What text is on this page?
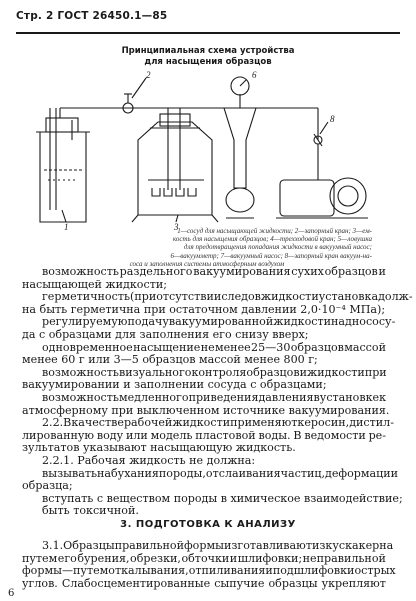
Стр. 2 ГОСТ 26450.1—85
Принципиальная схема устройства
для насыщения образцов
1
2
3
6
8
1—сосуд для насыщающей жидкости; 2—запорный кран; 3—ем-
кость для насыщения образцов; 4—трехходовой кран; 5—ловушка
для предотвращения попадания жидкости в вакуумный насос;
6—вакуумметр; 7—вакуумный насос; 8—запорный кран вакуум-на-
соса и заполнения системы атмосферным воздухом
возможность раздельного вакуумирования сухих образцов и
насыщающей жидкости;
герметичность (при отсутствии следов жидкости установка долж-
на быть герметична при остаточном давлении 2,0·10⁻⁴ МПа);
регулируемую подачу вакуумированной жидкости на дно сосу-
да с образцами для заполнения его снизу вверх;
одновременное насыщение не менее 25—30 образцов массой
менее 60 г или 3—5 образцов массой менее 800 г;
возможность визуального контроля образцов и жидкости при
вакуумировании и заполнении сосуда с образцами;
возможность медленного приведения давления в установке к
атмосферному при выключенном источнике вакуумирования.
2.2. В качестве рабочей жидкости применяют керосин, дистил-
лированную воду или модель пластовой воды. В ведомости ре-
зультатов указывают насыщающую жидкость.
2.2.1. Рабочая жидкость не должна:
вызывать набухания породы, отслаивания частиц, деформации
образца;
вступать с веществом породы в химическое взаимодействие;
быть токсичной.
3. ПОДГОТОВКА К АНАЛИЗУ
3.1. Образцы правильной формы изготавливают из куска керна
путем его бурения, обрезки, обточки и шлифовки; неправильной
формы — путем откалывания, отпиливания и подшлифовки острых
углов. Слабосцементированные сыпучие образцы укрепляют
6
